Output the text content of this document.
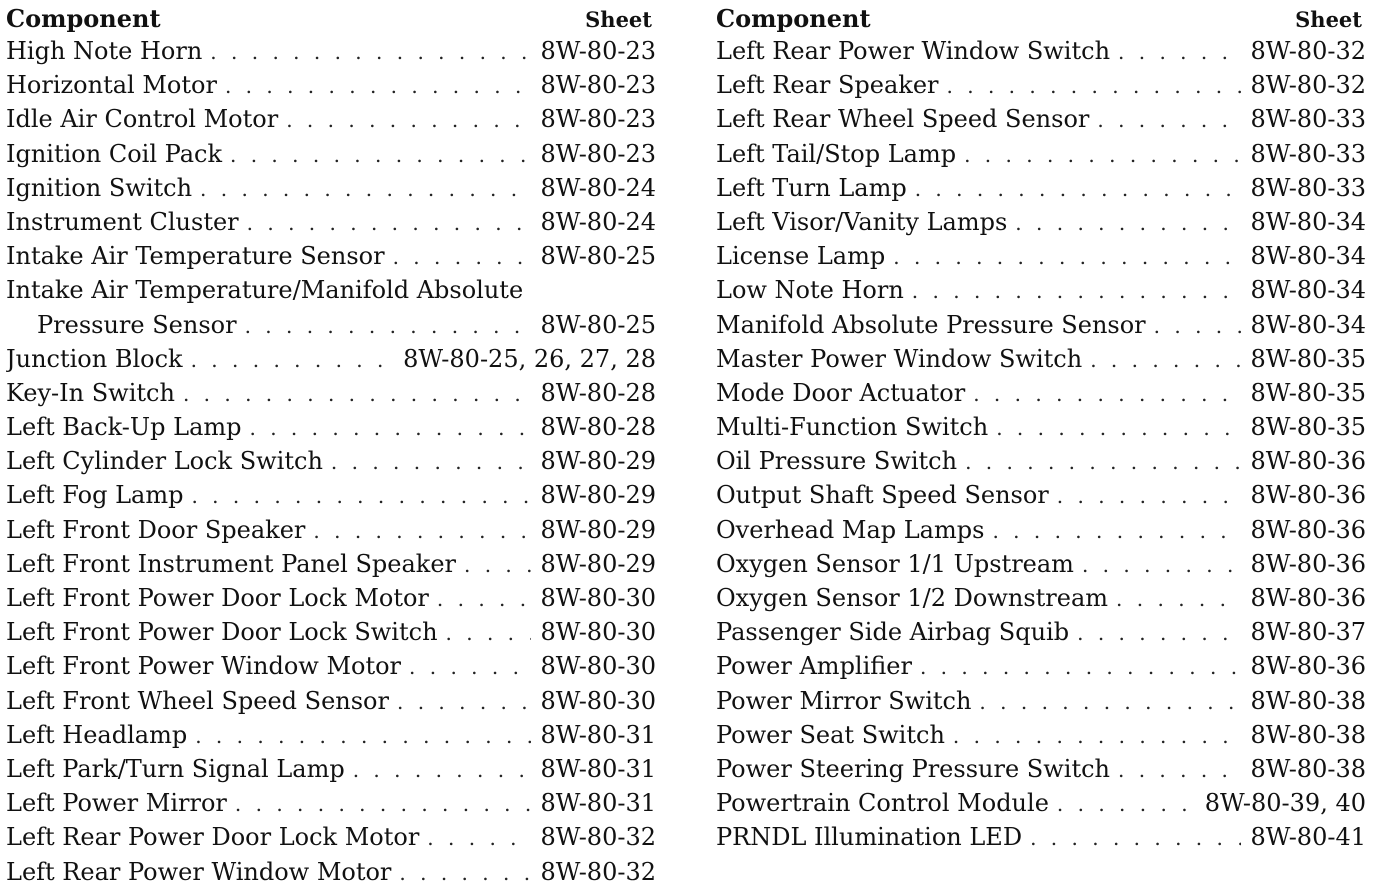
Component	Sheet
High Note Horn . . .	8W-80-23
Horizontal Motor . . .	8W-80-23
Idle Air Control Motor . . .	8W-80-23
Ignition Coil Pack . . .	8W-80-23
Ignition Switch . . .	8W-80-24
Instrument Cluster . . .	8W-80-24
Intake Air Temperature Sensor . . .	8W-80-25
Intake Air Temperature/Manifold Absolute
Pressure Sensor . . .	8W-80-25
Junction Block . . .	8W-80-25, 26, 27, 28
Key-In Switch . . .	8W-80-28
Left Back-Up Lamp . . .	8W-80-28
Left Cylinder Lock Switch . . .	8W-80-29
Left Fog Lamp . . .	8W-80-29
Left Front Door Speaker . . .	8W-80-29
Left Front Instrument Panel Speaker . . .	8W-80-29
Left Front Power Door Lock Motor . . .	8W-80-30
Left Front Power Door Lock Switch . . .	8W-80-30
Left Front Power Window Motor . . .	8W-80-30
Left Front Wheel Speed Sensor . . .	8W-80-30
Left Headlamp . . .	8W-80-31
Left Park/Turn Signal Lamp . . .	8W-80-31
Left Power Mirror . . .	8W-80-31
Left Rear Power Door Lock Motor . . .	8W-80-32
Left Rear Power Window Motor . . .	8W-80-32
Component	Sheet
Left Rear Power Window Switch . . .	8W-80-32
Left Rear Speaker . . .	8W-80-32
Left Rear Wheel Speed Sensor . . .	8W-80-33
Left Tail/Stop Lamp . . .	8W-80-33
Left Turn Lamp . . .	8W-80-33
Left Visor/Vanity Lamps . . .	8W-80-34
License Lamp . . .	8W-80-34
Low Note Horn . . .	8W-80-34
Manifold Absolute Pressure Sensor . . .	8W-80-34
Master Power Window Switch . . .	8W-80-35
Mode Door Actuator . . .	8W-80-35
Multi-Function Switch . . .	8W-80-35
Oil Pressure Switch . . .	8W-80-36
Output Shaft Speed Sensor . . .	8W-80-36
Overhead Map Lamps . . .	8W-80-36
Oxygen Sensor 1/1 Upstream . . .	8W-80-36
Oxygen Sensor 1/2 Downstream . . .	8W-80-36
Passenger Side Airbag Squib . . .	8W-80-37
Power Amplifier . . .	8W-80-36
Power Mirror Switch . . .	8W-80-38
Power Seat Switch . . .	8W-80-38
Power Steering Pressure Switch . . .	8W-80-38
Powertrain Control Module . . .	8W-80-39, 40
PRNDL Illumination LED . . .	8W-80-41
